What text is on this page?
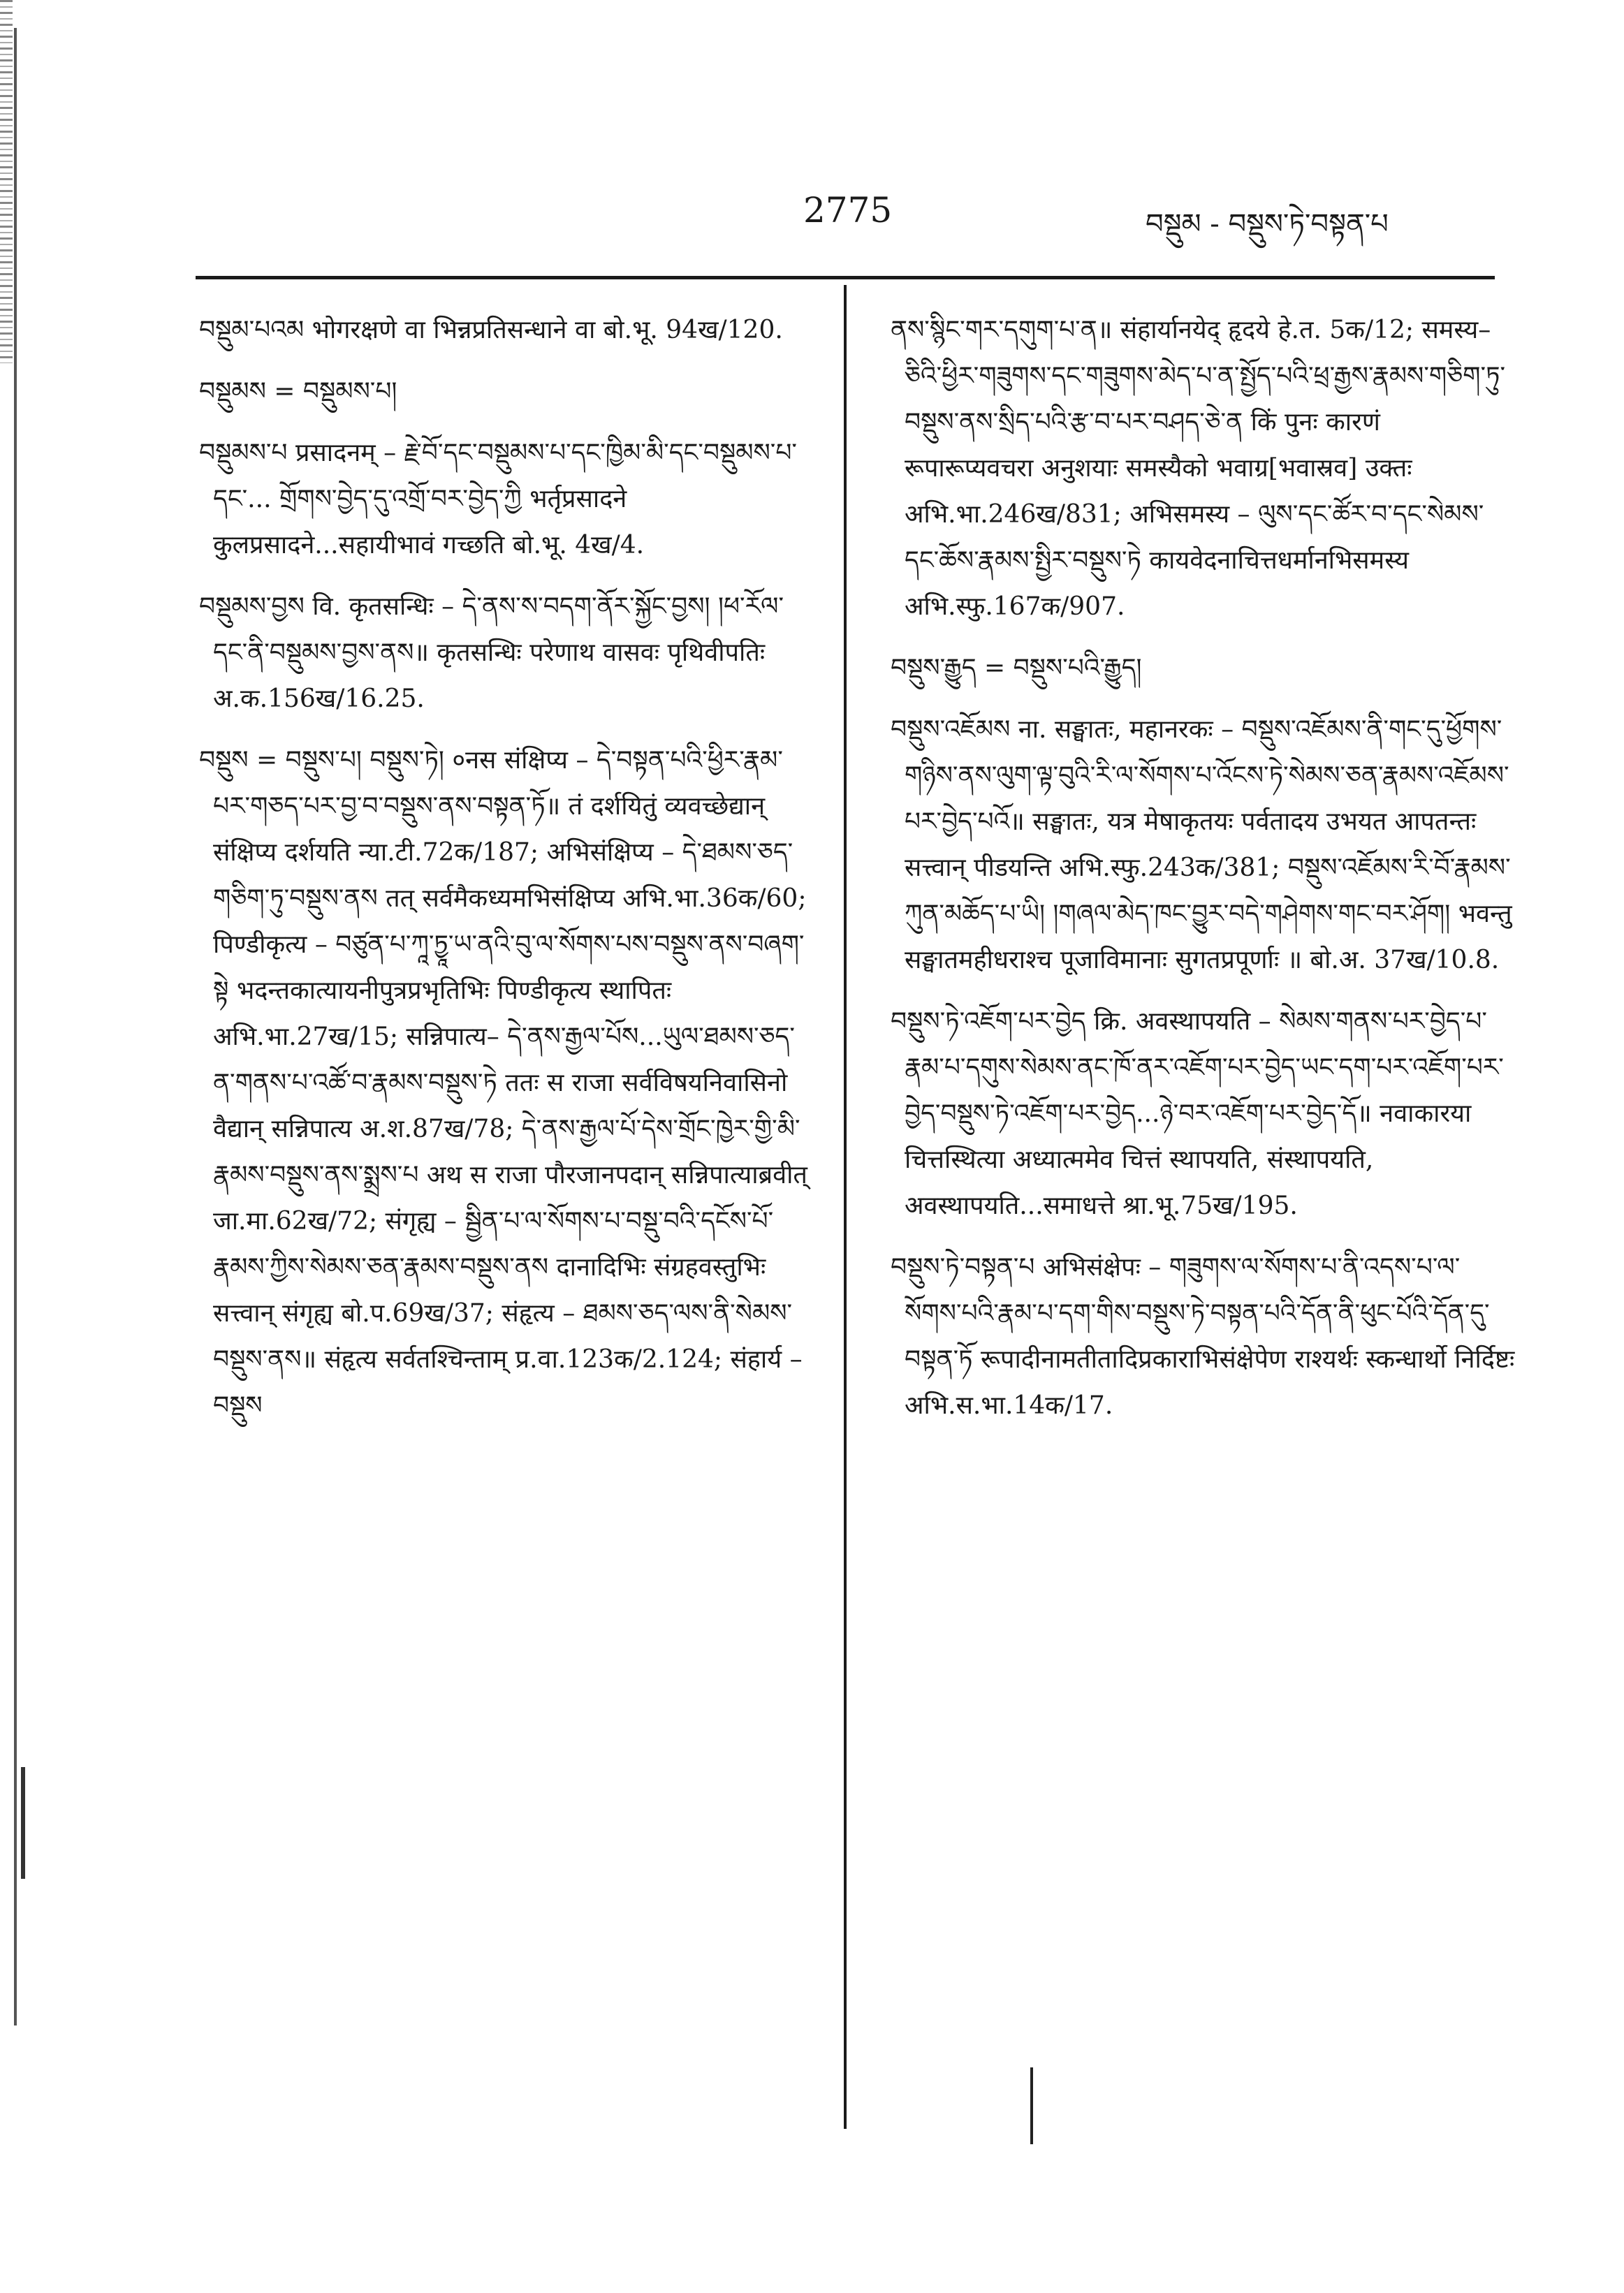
2775	བསྡུམ - བསྡུས་ཏེ་བསྟན་པ

བསྡུམ་པའམ भोगरक्षणे वा भिन्नप्रतिसन्धाने वा बो.भू. 94ख/120.

བསྡུམས = བསྡུམས་པ།

བསྡུམས་པ प्रसादनम् – རྗེ་བོ་དང་བསྡུམས་པ་དང་ཁྱིམ་མི་དང་བསྡུམས་པ་དང་... གྲོགས་བྱེད་དུ་འགྲོ་བར་བྱེད་ཀྱི भर्तृप्रसादने कुलप्रसादने...सहायीभावं गच्छति बो.भू. 4ख/4.

བསྡུམས་བྱས वि. कृतसन्धिः – དེ་ནས་ས་བདག་ནོར་སྐྱོང་བྱས། །ཕ་རོལ་དང་ནི་བསྡུམས་བྱས་ནས॥ कृतसन्धिः परेणाथ वासवः पृथिवीपतिः अ.क.156ख/16.25.

བསྡུས = བསྡུས་པ། བསྡུས་ཏེ། ०नस संक्षिप्य – དེ་བསྟན་པའི་ཕྱིར་རྣམ་པར་གཅད་པར་བྱ་བ་བསྡུས་ནས་བསྟན་ཏོ॥ तं दर्शयितुं व्यवच्छेद्यान् संक्षिप्य दर्शयति न्या.टी.72क/187; अभिसंक्षिप्य – དེ་ཐམས་ཅད་གཅིག་ཏུ་བསྡུས་ནས तत् सर्वमैकध्यमभिसंक्षिप्य अभि.भा.36क/60; पिण्डीकृत्य – བཙུན་པ་ཀཱ་ཏྱཱ་ཡ་ནའི་བུ་ལ་སོགས་པས་བསྡུས་ནས་བཞག་སྟེ भदन्तकात्यायनीपुत्रप्रभृतिभिः पिण्डीकृत्य स्थापितः अभि.भा.27ख/15; सन्निपात्य– དེ་ནས་རྒྱལ་པོས...ཡུལ་ཐམས་ཅད་ན་གནས་པ་འཚོ་བ་རྣམས་བསྡུས་ཏེ ततः स राजा सर्वविषयनिवासिनो वैद्यान् सन्निपात्य अ.श.87ख/78; དེ་ནས་རྒྱལ་པོ་དེས་གྲོང་ཁྱེར་གྱི་མི་རྣམས་བསྡུས་ནས་སྨྲས་པ अथ स राजा पौरजानपदान् सन्निपात्याब्रवीत् जा.मा.62ख/72; संगृह्य – སྦྱིན་པ་ལ་སོགས་པ་བསྡུ་བའི་དངོས་པོ་རྣམས་ཀྱིས་སེམས་ཅན་རྣམས་བསྡུས་ནས दानादिभिः संग्रहवस्तुभिः सत्त्वान् संगृह्य बो.प.69ख/37; संहृत्य – ཐམས་ཅད་ལས་ནི་སེམས་བསྡུས་ནས॥ संहृत्य सर्वतश्चिन्ताम् प्र.वा.123क/2.124; संहार्य – བསྡུས

ནས་སྙིང་གར་དགུག་པ་ན॥ संहार्यानयेद् हृदये हे.त. 5क/12; समस्य– ཅིའི་ཕྱིར་གཟུགས་དང་གཟུགས་མེད་པ་ན་སྤྱོད་པའི་ཕྲ་རྒྱས་རྣམས་གཅིག་ཏུ་བསྡུས་ནས་སྲིད་པའི་རྩ་བ་པར་བཤད་ཅེ་ན किं पुनः कारणं रूपारूप्यवचरा अनुशयाः समस्यैको भवाग्र[भवास्रव] उक्तः अभि.भा.246ख/831; अभिसमस्य – ལུས་དང་ཚོར་བ་དང་སེམས་དང་ཆོས་རྣམས་སྤྱིར་བསྡུས་ཏེ कायवेदनाचित्तधर्मानभिसमस्य अभि.स्फु.167क/907.

བསྡུས་རྒྱུད = བསྡུས་པའི་རྒྱུད།

བསྡུས་འཇོམས ना. सङ्घातः, महानरकः – བསྡུས་འཇོམས་ནི་གང་དུ་ཕྱོགས་གཉིས་ནས་ལུག་ལྟ་བུའི་རི་ལ་སོགས་པ་འོངས་ཏེ་སེམས་ཅན་རྣམས་འཇོམས་པར་བྱེད་པའོ॥ सङ्घातः, यत्र मेषाकृतयः पर्वतादय उभयत आपतन्तः सत्त्वान् पीडयन्ति अभि.स्फु.243क/381; བསྡུས་འཇོམས་རི་བོ་རྣམས་ཀུན་མཆོད་པ་ཡི། །གཞལ་མེད་ཁང་བྱུར་བདེ་གཤེགས་གང་བར་ཤོག། भवन्तु सङ्घातमहीधराश्च पूजाविमानाः सुगतप्रपूर्णाः ॥ बो.अ. 37ख/10.8.

བསྡུས་ཏེ་འཇོག་པར་བྱེད क्रि. अवस्थापयति – སེམས་གནས་པར་བྱེད་པ་རྣམ་པ་དགུས་སེམས་ནང་ཁོ་ནར་འཇོག་པར་བྱེད་ཡང་དག་པར་འཇོག་པར་བྱེད་བསྡུས་ཏེ་འཇོག་པར་བྱེད...ཉེ་བར་འཇོག་པར་བྱེད་དོ॥ नवाकारया चित्तस्थित्या अध्यात्ममेव चित्तं स्थापयति, संस्थापयति, अवस्थापयति...समाधत्ते श्रा.भू.75ख/195.

བསྡུས་ཏེ་བསྟན་པ अभिसंक्षेपः – གཟུགས་ལ་སོགས་པ་ནི་འདས་པ་ལ་སོགས་པའི་རྣམ་པ་དག་གིས་བསྡུས་ཏེ་བསྟན་པའི་དོན་ནི་ཕུང་པོའི་དོན་དུ་བསྟན་ཏོ रूपादीनामतीतादिप्रकाराभिसंक्षेपेण राश्यर्थः स्कन्धार्थो निर्दिष्टः अभि.स.भा.14क/17.
